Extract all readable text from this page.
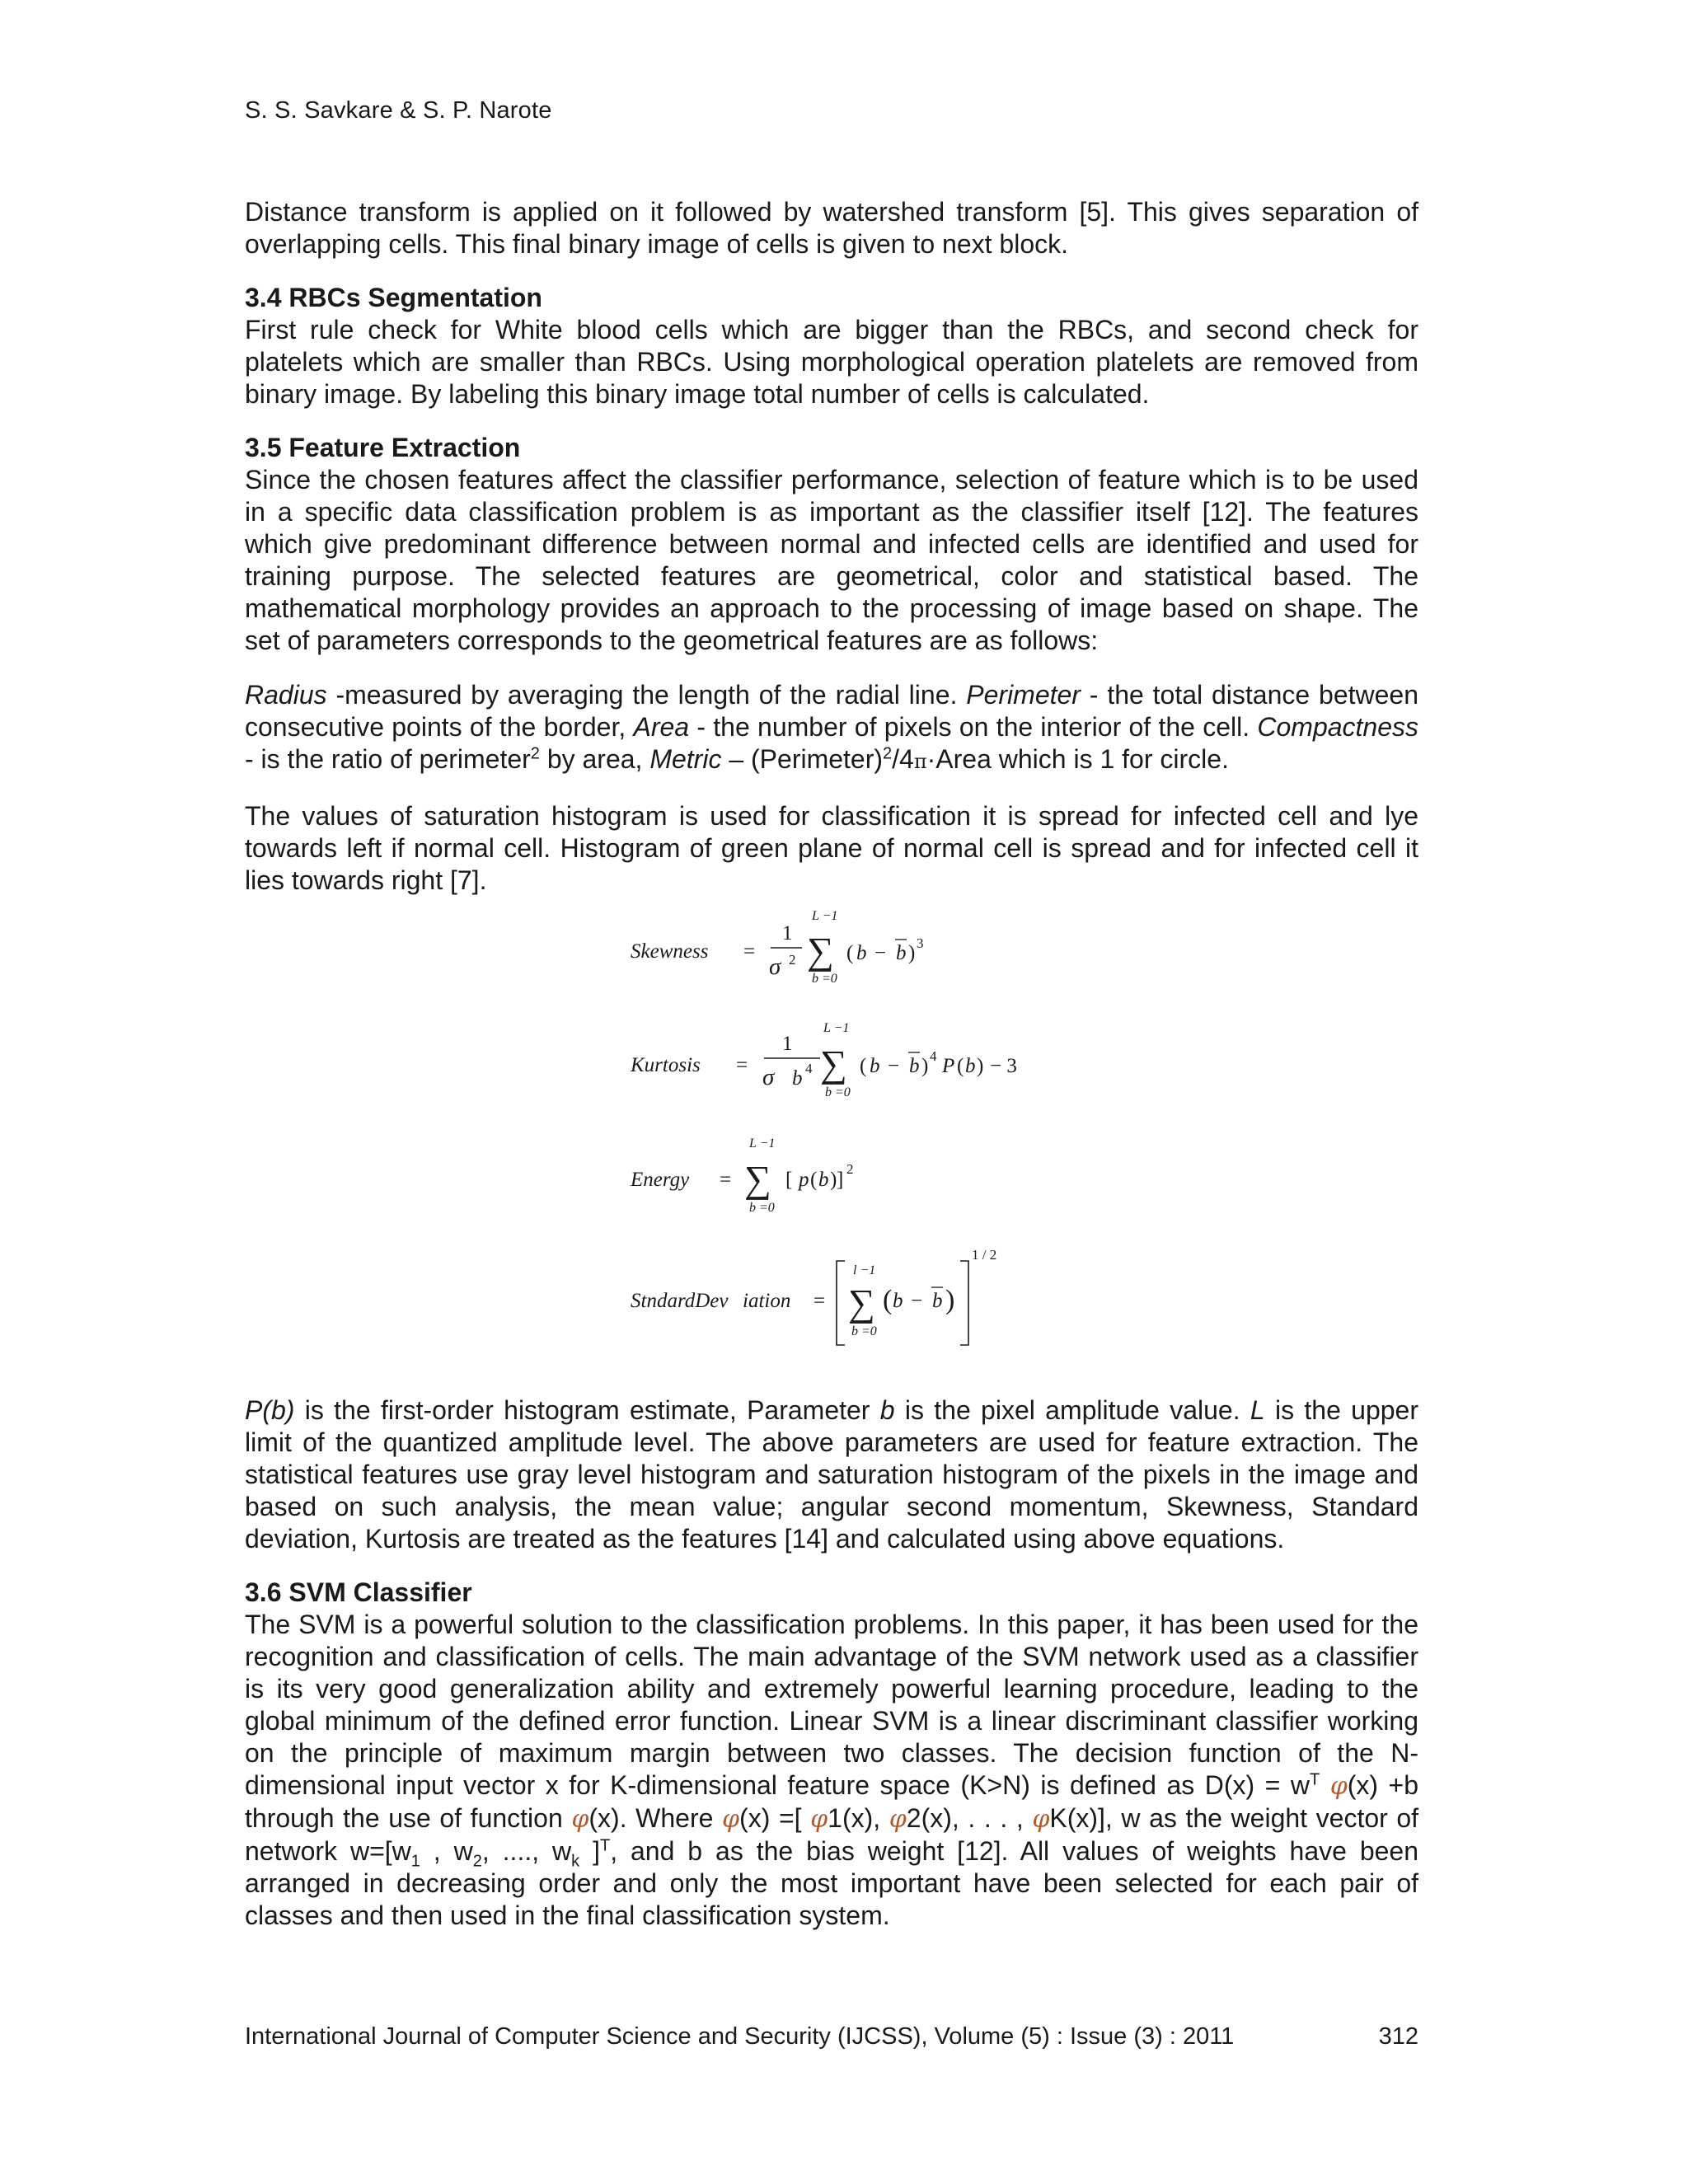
S. S. Savkare & S. P. Narote

Distance transform is applied on it followed by watershed transform [5]. This gives separation of overlapping cells. This final binary image of cells is given to next block.

3.4 RBCs Segmentation

First rule check for White blood cells which are bigger than the RBCs, and second check for platelets which are smaller than RBCs. Using morphological operation platelets are removed from binary image. By labeling this binary image total number of cells is calculated.

3.5 Feature Extraction

Since the chosen features affect the classifier performance, selection of feature which is to be used in a specific data classification problem is as important as the classifier itself [12]. The features which give predominant difference between normal and infected cells are identified and used for training purpose. The selected features are geometrical, color and statistical based. The mathematical morphology provides an approach to the processing of image based on shape. The set of parameters corresponds to the geometrical features are as follows:

Radius -measured by averaging the length of the radial line. Perimeter - the total distance between consecutive points of the border, Area - the number of pixels on the interior of the cell. Compactness - is the ratio of perimeter$^2$ by area, Metric – (Perimeter)$^2$/4π·Area which is 1 for circle.

The values of saturation histogram is used for classification it is spread for infected cell and lye towards left if normal cell. Histogram of green plane of normal cell is spread and for infected cell it lies towards right [7].

Skewness =
1
σ 2
L −1
∑
b =0
( b − b ) 3
Kurtosis =
1
σ b 4
L −1
∑
b =0
( b − b ) 4 P ( b ) − 3
Energy =
L −1
∑
b =0
[ p ( b ) ] 2
StndardDev iation =
l −1
∑
b =0
( b − b )
1 / 2

P(b) is the first-order histogram estimate, Parameter b is the pixel amplitude value. L is the upper limit of the quantized amplitude level. The above parameters are used for feature extraction. The statistical features use gray level histogram and saturation histogram of the pixels in the image and based on such analysis, the mean value; angular second momentum, Skewness, Standard deviation, Kurtosis are treated as the features [14] and calculated using above equations.

3.6 SVM Classifier

The SVM is a powerful solution to the classification problems. In this paper, it has been used for the recognition and classification of cells. The main advantage of the SVM network used as a classifier is its very good generalization ability and extremely powerful learning procedure, leading to the global minimum of the defined error function. Linear SVM is a linear discriminant classifier working on the principle of maximum margin between two classes. The decision function of the N-dimensional input vector x for K-dimensional feature space (K>N) is defined as $D(x) = w^T$ φ(x) +b through the use of function φ(x). Where φ(x) =[ φ1(x), φ2(x), . . . , φK(x)], w as the weight vector of network $w=[w_1$ , $w_2$, ...., $w_k$ ]$^T$, and b as the bias weight [12]. All values of weights have been arranged in decreasing order and only the most important have been selected for each pair of classes and then used in the final classification system.

International Journal of Computer Science and Security (IJCSS), Volume (5) : Issue (3) : 2011	312
